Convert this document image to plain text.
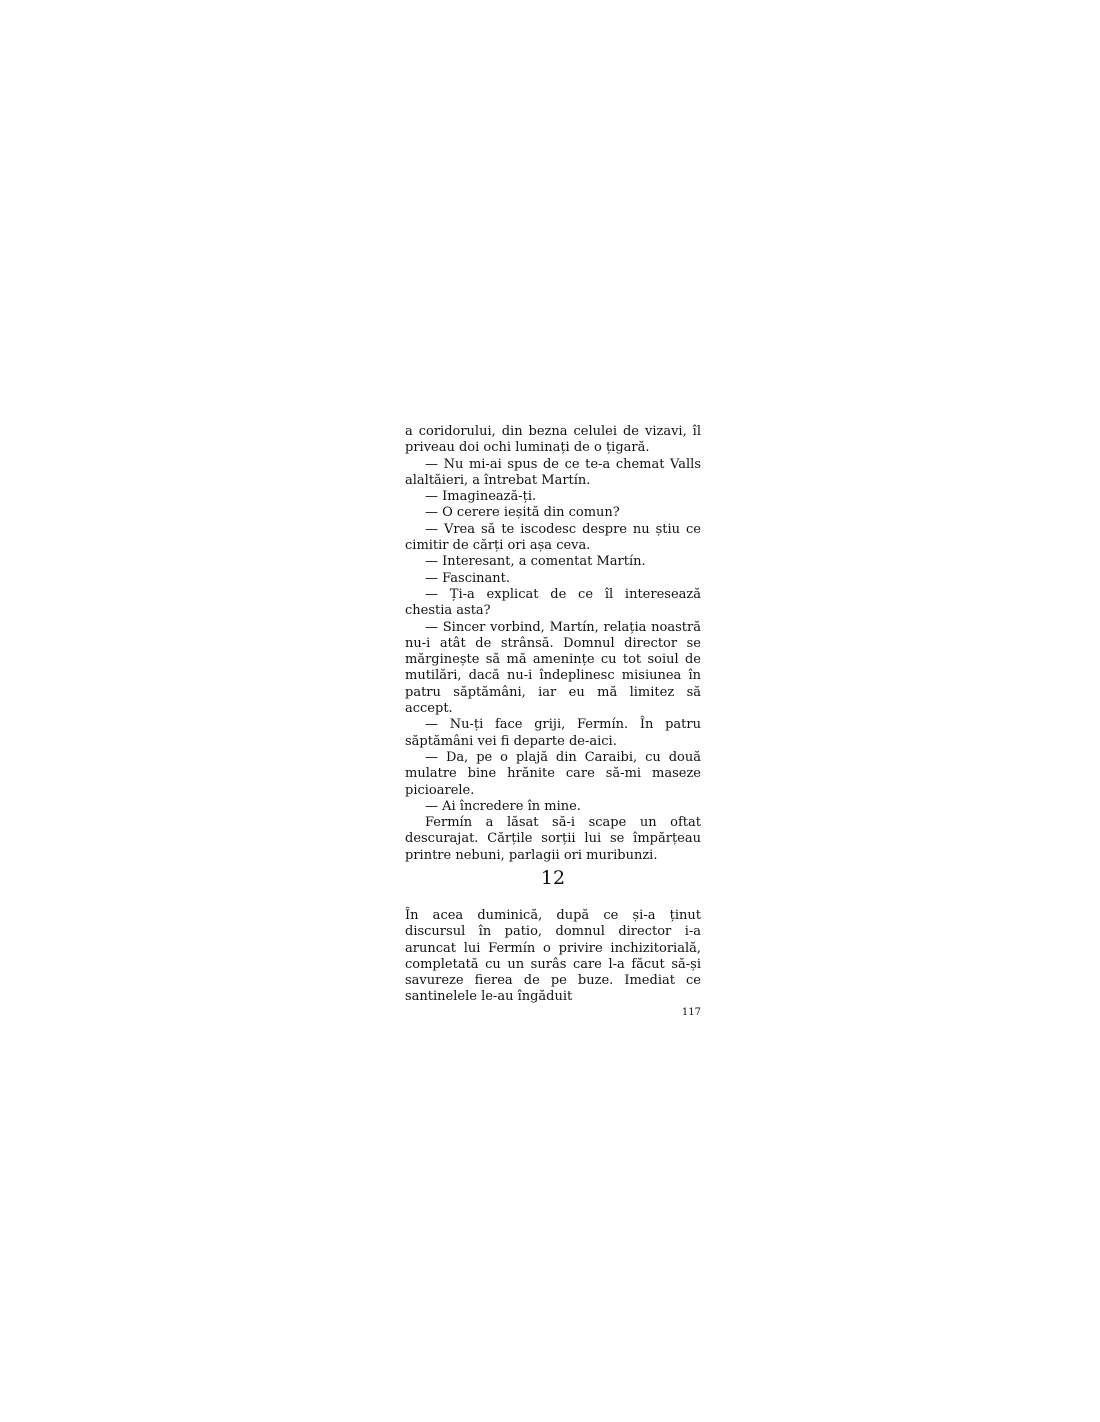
a coridorului, din bezna celulei de vizavi, îl priveau doi ochi luminați de o țigară.

— Nu mi-ai spus de ce te-a chemat Valls alaltăieri, a întrebat Martín.

— Imaginează-ți.

— O cerere ieșită din comun?

— Vrea să te iscodesc despre nu știu ce cimitir de cărți ori așa ceva.

— Interesant, a comentat Martín.

— Fascinant.

— Ți-a explicat de ce îl interesează chestia asta?

— Sincer vorbind, Martín, relația noastră nu-i atât de strânsă. Domnul director se mărginește să mă amenințe cu tot soiul de mutilări, dacă nu-i îndeplinesc misiunea în patru săptămâni, iar eu mă limitez să accept.

— Nu-ți face griji, Fermín. În patru săptămâni vei fi departe de-aici.

— Da, pe o plajă din Caraibi, cu două mulatre bine hrănite care să-mi maseze picioarele.

— Ai încredere în mine.

Fermín a lăsat să-i scape un oftat descurajat. Cărțile sorții lui se împărțeau printre nebuni, parlagii ori muribunzi.

12

În acea duminică, după ce și-a ținut discursul în patio, domnul director i-a aruncat lui Fermín o privire inchizitorială, completată cu un surâs care l-a făcut să-și savureze fierea de pe buze. Imediat ce santinelele le-au îngăduit

117
